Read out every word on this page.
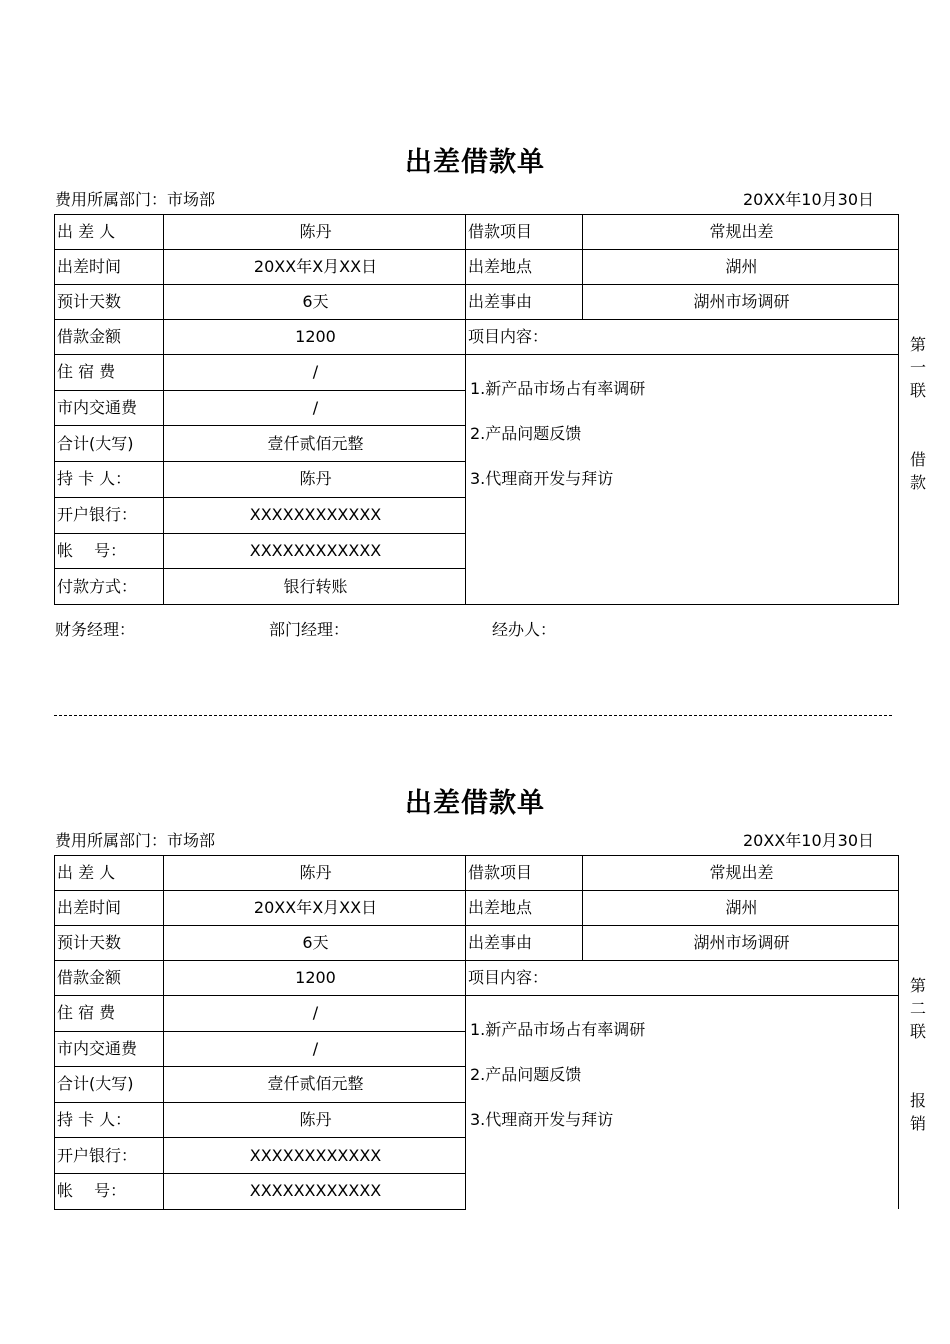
出差借款单
费用所属部门：市场部	20XX年10月30日
出 差 人	陈丹	借款项目	常规出差
出差时间	20XX年X月XX日	出差地点	湖州
预计天数	6天	出差事由	湖州市场调研
借款金额	1200	项目内容：	
住 宿 费	/	1.新产品市场占有率调研
2.产品问题反馈
3.代理商开发与拜访	

市内交通费	/		
合计(大写)	壹仟贰佰元整		
持 卡 人：	陈丹		
开户银行：	XXXXXXXXXXXX		
帐　 号：	XXXXXXXXXXXX		
付款方式：	银行转账		
第
一
联
借
款
财务经理：	部门经理：	经办人：
出差借款单
费用所属部门：市场部	20XX年10月30日
出 差 人	陈丹	借款项目	常规出差
出差时间	20XX年X月XX日	出差地点	湖州
预计天数	6天	出差事由	湖州市场调研
借款金额	1200	项目内容：	
住 宿 费	/	1.新产品市场占有率调研
2.产品问题反馈
3.代理商开发与拜访	

市内交通费	/		
合计(大写)	壹仟贰佰元整		
持 卡 人：	陈丹		
开户银行：	XXXXXXXXXXXX		
帐　 号：	XXXXXXXXXXXX		
第
二
联
报
销
